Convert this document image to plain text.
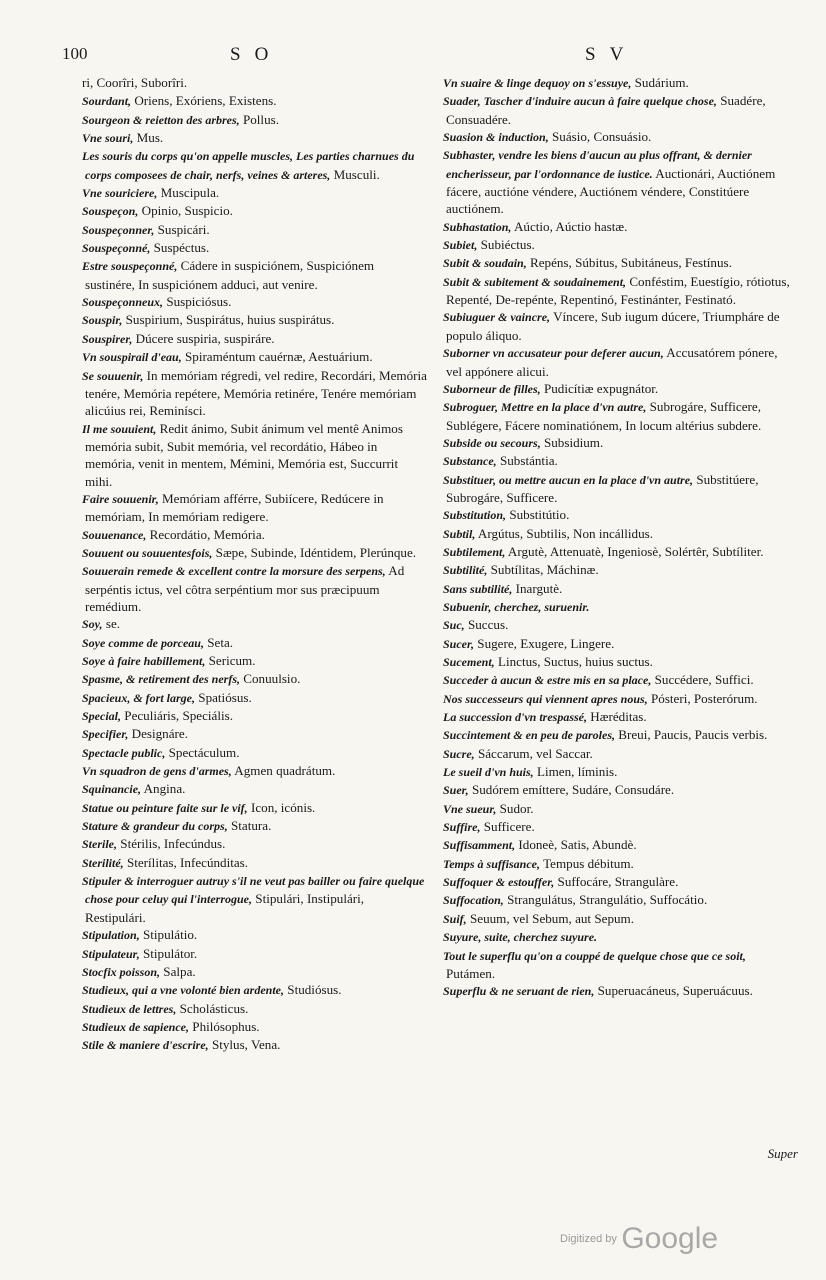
100	SO	SV

ri, Coorîri, Suborîri.

Sourdant, Oriens, Exóriens, Existens.

Sourgeon & reietton des arbres, Pollus.

Vne souri, Mus.

Les souris du corps qu'on appelle muscles, Les parties charnues du corps composees de chair, nerfs, veines & arteres, Musculi.

Vne souriciere, Muscipula.

Souspeçon, Opinio, Suspicio.

Souspeçonner, Suspicári.

Souspeçonné, Suspéctus.

Estre souspeçonné, Cádere in suspiciónem, Suspiciónem sustinére, In suspiciónem adduci, aut venire.

Souspeçonneux, Suspiciósus.

Souspir, Suspirium, Suspirátus, huius suspirátus.

Souspirer, Dúcere suspiria, suspiráre.

Vn souspirail d'eau, Spiraméntum cauérnæ, Aestuárium.

Se souuenir, In memóriam régredi, vel redire, Recordári, Memória tenére, Memória repétere, Memória retinére, Tenére memóriam alicúius rei, Reminísci.

Il me souuient, Redit ánimo, Subit ánimum vel mentê Animos memória subit, Subit memória, vel recordátio, Hábeo in memória, venit in mentem, Mémini, Memória est, Succurrit mihi.

Faire souuenir, Memóriam afférre, Subiícere, Redúcere in memóriam, In memóriam redigere.

Souuenance, Recordátio, Memória.

Souuent ou souuentesfois, Sæpe, Subinde, Idéntidem, Plerúnque.

Souuerain remede & excellent contre la morsure des serpens, Ad serpéntis ictus, vel côtra serpéntium mor sus præcipuum remédium.

Soy, se.

Soye comme de porceau, Seta.

Soye à faire habillement, Sericum.

Spasme, & retirement des nerfs, Conuulsio.

Spacieux, & fort large, Spatiósus.

Special, Peculiáris, Speciális.

Specifier, Designáre.

Spectacle public, Spectáculum.

Vn squadron de gens d'armes, Agmen quadrátum.

Squinancie, Angina.

Statue ou peinture faite sur le vif, Icon, icónis.

Stature & grandeur du corps, Statura.

Sterile, Stérilis, Infecúndus.

Sterilité, Sterílitas, Infecúnditas.

Stipuler & interroguer autruy s'il ne veut pas bailler ou faire quelque chose pour celuy qui l'interrogue, Stipulári, Instipulári, Restipulári.

Stipulation, Stipulátio.

Stipulateur, Stipulátor.

Stocfix poisson, Salpa.

Studieux, qui a vne volonté bien ardente, Studiósus.

Studieux de lettres, Scholásticus.

Studieux de sapience, Philósophus.

Stile & maniere d'escrire, Stylus, Vena.

Vn suaire & linge dequoy on s'essuye, Sudárium.

Suader, Tascher d'induire aucun à faire quelque chose, Suadére, Consuadére.

Suasion & induction, Suásio, Consuásio.

Subhaster, vendre les biens d'aucun au plus offrant, & dernier encherisseur, par l'ordonnance de iustice. Auctionári, Auctiónem fácere, auctióne véndere, Auctiónem véndere, Constitúere auctiónem.

Subhastation, Aúctio, Aúctio hastæ.

Subiet, Subiéctus.

Subit & soudain, Repéns, Súbitus, Subitáneus, Festínus.

Subit & subitement & soudainement, Conféstim, Euestígio, rótiotus, Repenté, De-repénte, Repentinó, Festinánter, Festinató.

Subiuguer & vaincre, Víncere, Sub iugum dúcere, Triumpháre de populo áliquo.

Suborner vn accusateur pour deferer aucun, Accusatórem pónere, vel appónere alicui.

Suborneur de filles, Pudicítiæ expugnátor.

Subroguer, Mettre en la place d'vn autre, Subrogáre, Sufficere, Sublégere, Fácere nominatiónem, In locum altérius subdere.

Subside ou secours, Subsidium.

Substance, Substántia.

Substituer, ou mettre aucun en la place d'vn autre, Substitúere, Subrogáre, Sufficere.

Substitution, Substitútio.

Subtil, Argútus, Subtilis, Non incállidus.

Subtilement, Argutè, Attenuatè, Ingeniosè, Solértêr, Subtíliter.

Subtilité, Subtílitas, Máchinæ.

Sans subtilité, Inargutè.

Subuenir, cherchez, suruenir.

Suc, Succus.

Sucer, Sugere, Exugere, Lingere.

Sucement, Linctus, Suctus, huius suctus.

Succeder à aucun & estre mis en sa place, Succédere, Suffici.

Nos successeurs qui viennent apres nous, Pósteri, Posterórum.

La succession d'vn trespassé, Hæréditas.

Succintement & en peu de paroles, Breui, Paucis, Paucis verbis.

Sucre, Sáccarum, vel Saccar.

Le sueil d'vn huis, Limen, líminis.

Suer, Sudórem emíttere, Sudáre, Consudáre.

Vne sueur, Sudor.

Suffire, Sufficere.

Suffisamment, Idoneè, Satis, Abundè.

Temps à suffisance, Tempus débitum.

Suffoquer & estouffer, Suffocáre, Strangulàre.

Suffocation, Strangulátus, Strangulátio, Suffocátio.

Suif, Seuum, vel Sebum, aut Sepum.

Suyure, suite, cherchez suyure.

Tout le superflu qu'on a couppé de quelque chose que ce soit, Putámen.

Superflu & ne seruant de rien, Superuacáneus, Superuácuus.

Super
Digitized by Google
